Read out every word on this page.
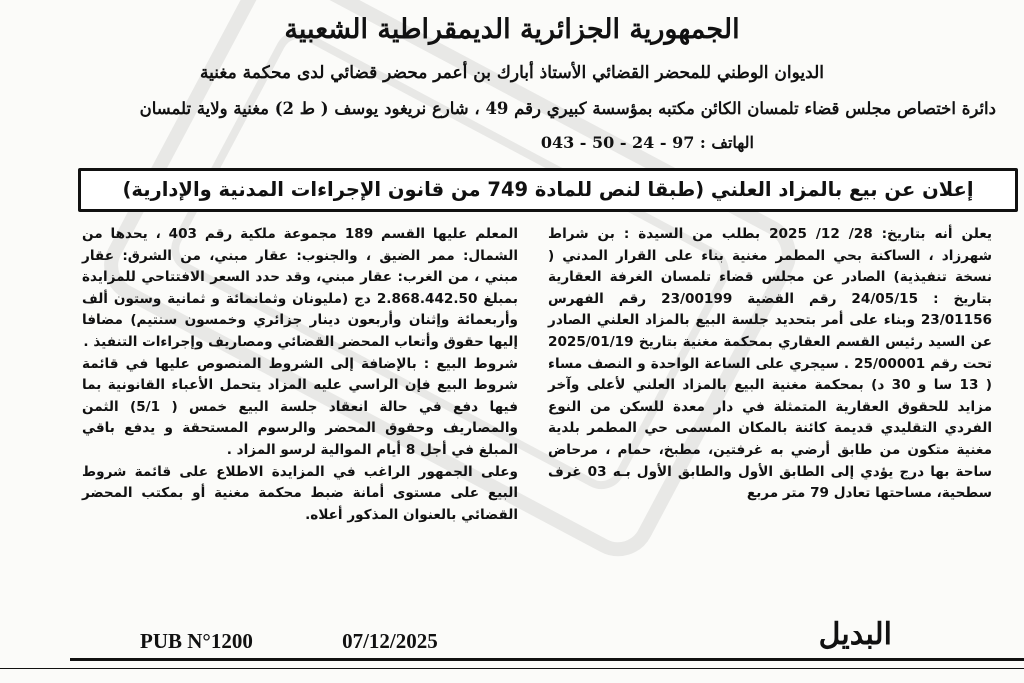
الجمهورية الجزائرية الديمقراطية الشعبية
الديوان الوطني للمحضر القضائي الأستاذ أبارك بن أعمر محضر قضائي لدى محكمة مغنية
دائرة اختصاص مجلس قضاء تلمسان الكائن مكتبه بمؤسسة كبيري رقم 49 ، شارع نريغود يوسف ( ط 2) مغنية ولاية تلمسان
الهاتف : 97 - 24 - 50 - 043
إعلان عن بيع بالمزاد العلني (طبقا لنص للمادة 749 من قانون الإجراءات المدنية والإدارية)

يعلن أنه بتاريخ: 28/ 12/ 2025 بطلب من السيدة : بن شراط شهرزاد ، الساكنة بحي المطمر مغنية بناء على القرار المدني ( نسخة تنفيذية) الصادر عن مجلس قضاء تلمسان الغرفة العقارية بتاريخ : 24/05/15 رقم القضية 23/00199 رقم الفهرس 23/01156 وبناء على أمر بتحديد جلسة البيع بالمزاد العلني الصادر عن السيد رئيس القسم العقاري بمحكمة مغنية بتاريخ 2025/01/19 تحت رقم 25/00001 . سيجري على الساعة الواحدة و النصف مساء ( 13 سا و 30 د) بمحكمة مغنية البيع بالمزاد العلني لأعلى وآخر مزايد للحقوق العقارية المتمثلة في دار معدة للسكن من النوع الفردي التقليدي قديمة كائنة بالمكان المسمى حي المطمر بلدية مغنية متكون من طابق أرضي به غرفتين، مطبخ، حمام ، مرحاض ساحة بها درج يؤدي إلى الطابق الأول والطابق الأول بـه 03 غرف سطحية، مساحتها تعادل 79 متر مربع

المعلم عليها القسم 189 مجموعة ملكية رقم 403 ، يحدها من الشمال: ممر الضيق ، والجنوب: عقار مبني، من الشرق: عقار مبني ، من الغرب: عقار مبني، وقد حدد السعر الافتتاحي للمزايدة بمبلغ 2.868.442.50 دج (مليونان وثمانمائة و ثمانية وستون ألف وأربعمائة وإثنان وأربعون دينار جزائري وخمسون سنتيم) مضافا إليها حقوق وأتعاب المحضر القضائي ومصاريف وإجراءات التنفيذ .

شروط البيع : بالإضافة إلى الشروط المنصوص عليها في قائمة شروط البيع فإن الراسي عليه المزاد يتحمل الأعباء القانونية بما فيها دفع في حالة انعقاد جلسة البيع خمس ( 5/1) الثمن والمصاريف وحقوق المحضر والرسوم المستحقة و يدفع باقي المبلغ في أجل 8 أيام الموالية لرسو المزاد .

وعلى الجمهور الراغب في المزايدة الاطلاع على قائمة شروط البيع على مستوى أمانة ضبط محكمة مغنية أو بمكتب المحضر القضائي بالعنوان المذكور أعلاه.

PUB N°1200	07/12/2025	البديل
